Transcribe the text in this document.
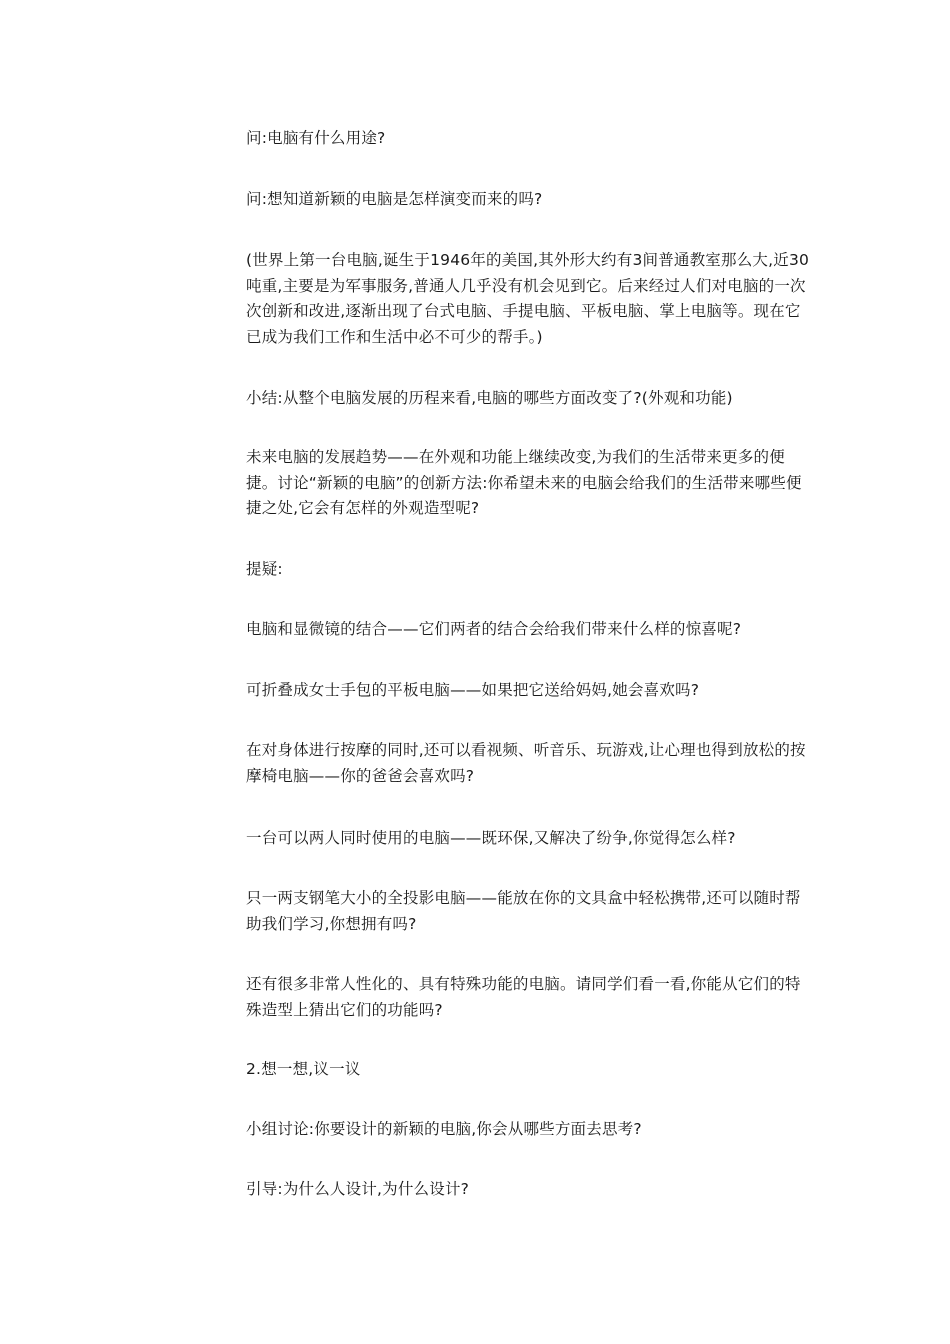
问:电脑有什么用途?

问:想知道新颖的电脑是怎样演变而来的吗?

(世界上第一台电脑,诞生于1946年的美国,其外形大约有3间普通教室那么大,近30吨重,主要是为军事服务,普通人几乎没有机会见到它。后来经过人们对电脑的一次次创新和改进,逐渐出现了台式电脑、手提电脑、平板电脑、掌上电脑等。现在它已成为我们工作和生活中必不可少的帮手。)

小结:从整个电脑发展的历程来看,电脑的哪些方面改变了?(外观和功能)

未来电脑的发展趋势——在外观和功能上继续改变,为我们的生活带来更多的便捷。讨论“新颖的电脑”的创新方法:你希望未来的电脑会给我们的生活带来哪些便捷之处,它会有怎样的外观造型呢?

提疑:

电脑和显微镜的结合——它们两者的结合会给我们带来什么样的惊喜呢?

可折叠成女士手包的平板电脑——如果把它送给妈妈,她会喜欢吗?

在对身体进行按摩的同时,还可以看视频、听音乐、玩游戏,让心理也得到放松的按摩椅电脑——你的爸爸会喜欢吗?

一台可以两人同时使用的电脑——既环保,又解决了纷争,你觉得怎么样?

只一两支钢笔大小的全投影电脑——能放在你的文具盒中轻松携带,还可以随时帮助我们学习,你想拥有吗?

还有很多非常人性化的、具有特殊功能的电脑。请同学们看一看,你能从它们的特殊造型上猜出它们的功能吗?

2.想一想,议一议

小组讨论:你要设计的新颖的电脑,你会从哪些方面去思考?

引导:为什么人设计,为什么设计?
